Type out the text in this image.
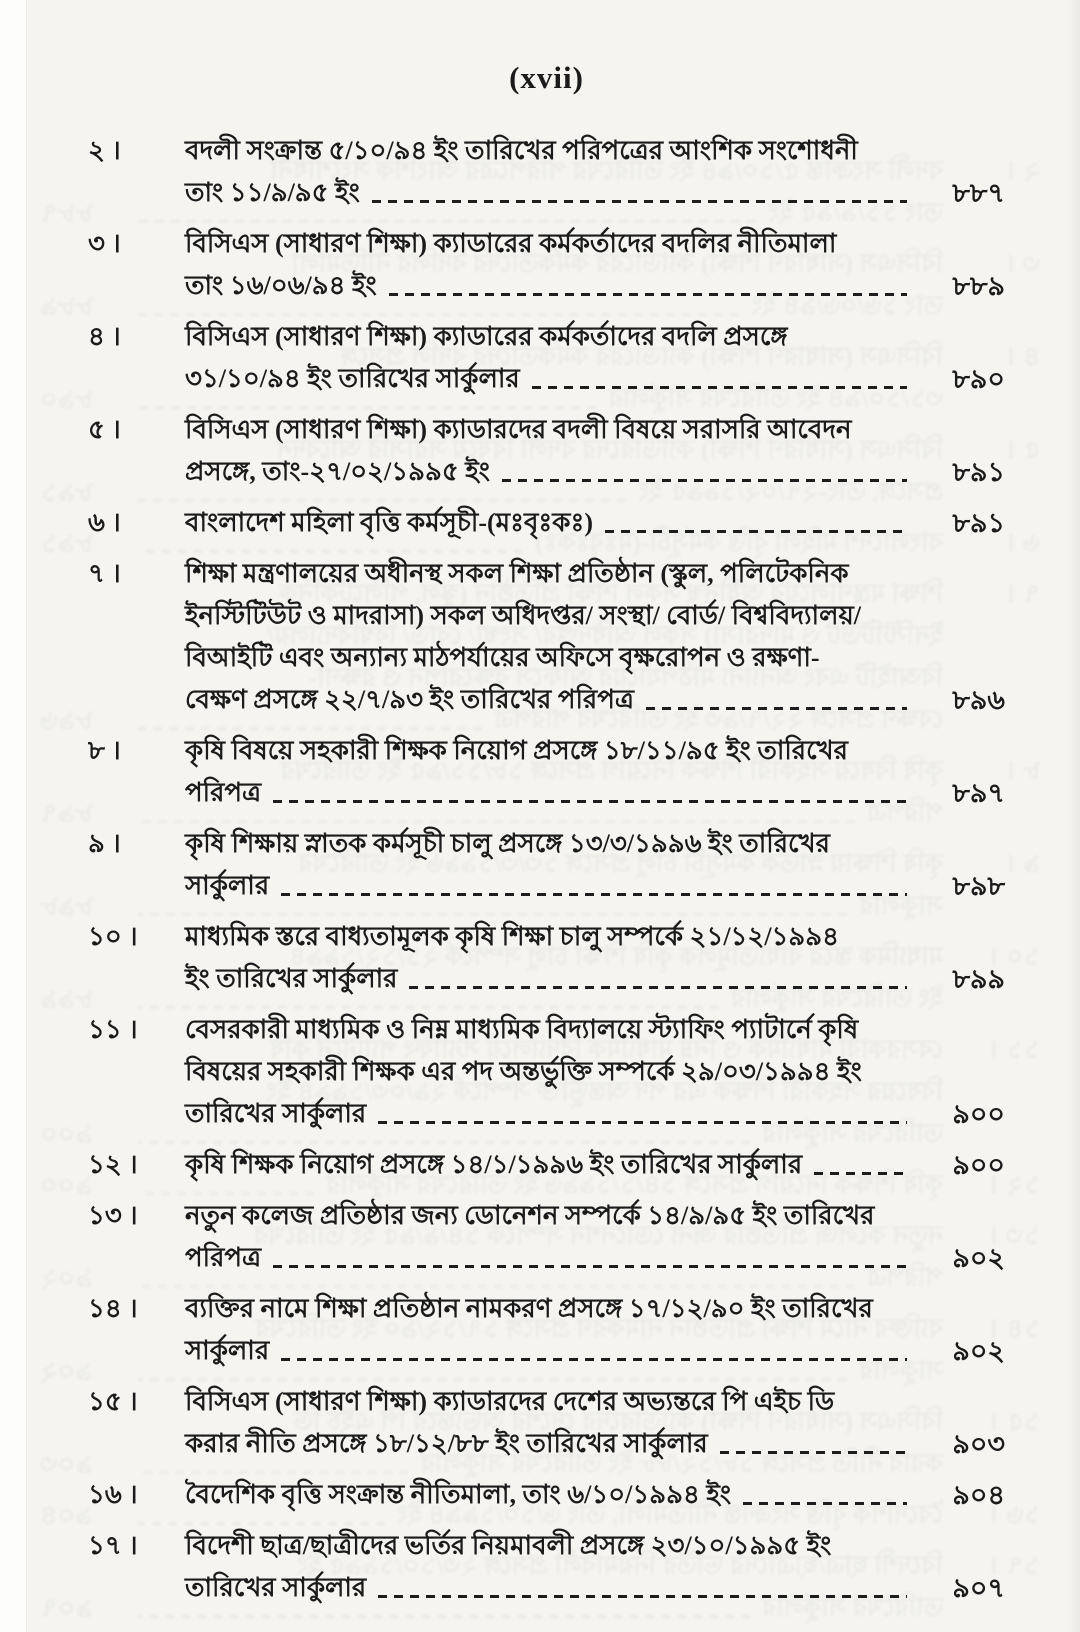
(xvii)
২ ।	বদলী সংক্রান্ত ৫/১০/৯৪ ইং তারিখের পরিপত্রের আংশিক সংশোধনী
তাং ১১/৯/৯৫ ইং	৮৮৭
৩ ।	বিসিএস (সাধারণ শিক্ষা) ক্যাডারের কর্মকর্তাদের বদলির নীতিমালা
তাং ১৬/০৬/৯৪ ইং	৮৮৯
৪ ।	বিসিএস (সাধারণ শিক্ষা) ক্যাডারের কর্মকর্তাদের বদলি প্রসঙ্গে
৩১/১০/৯৪ ইং তারিখের সার্কুলার	৮৯০
৫ ।	বিসিএস (সাধারণ শিক্ষা) ক্যাডারদের বদলী বিষয়ে সরাসরি আবেদন
প্রসঙ্গে, তাং-২৭/০২/১৯৯৫ ইং	৮৯১
৬ ।	বাংলাদেশ মহিলা বৃত্তি কর্মসূচী-(মঃবৃঃকঃ)	৮৯১
৭ ।	শিক্ষা মন্ত্রণালয়ের অধীনস্থ সকল শিক্ষা প্রতিষ্ঠান (স্কুল, পলিটেকনিক
ইনস্টিটিউট ও মাদরাসা) সকল অধিদপ্তর/ সংস্থা/ বোর্ড/ বিশ্ববিদ্যালয়/
বিআইটি এবং অন্যান্য মাঠপর্যায়ের অফিসে বৃক্ষরোপন ও রক্ষণা-
বেক্ষণ প্রসঙ্গে ২২/৭/৯৩ ইং তারিখের পরিপত্র	৮৯৬
৮ ।	কৃষি বিষয়ে সহকারী শিক্ষক নিয়োগ প্রসঙ্গে ১৮/১১/৯৫ ইং তারিখের
পরিপত্র	৮৯৭
৯ ।	কৃষি শিক্ষায় স্নাতক কর্মসূচী চালু প্রসঙ্গে ১৩/৩/১৯৯৬ ইং তারিখের
সার্কুলার	৮৯৮
১০ ।	মাধ্যমিক স্তরে বাধ্যতামূলক কৃষি শিক্ষা চালু সম্পর্কে ২১/১২/১৯৯৪
ইং তারিখের সার্কুলার	৮৯৯
১১ ।	বেসরকারী মাধ্যমিক ও নিম্ন মাধ্যমিক বিদ্যালয়ে স্ট্যাফিং প্যাটার্নে কৃষি
বিষয়ের সহকারী শিক্ষক এর পদ অন্তর্ভুক্তি সম্পর্কে ২৯/০৩/১৯৯৪ ইং
তারিখের সার্কুলার	৯০০
১২ ।	কৃষি শিক্ষক নিয়োগ প্রসঙ্গে ১৪/১/১৯৯৬ ইং তারিখের সার্কুলার	৯০০
১৩ ।	নতুন কলেজ প্রতিষ্ঠার জন্য ডোনেশন সম্পর্কে ১৪/৯/৯৫ ইং তারিখের
পরিপত্র	৯০২
১৪ ।	ব্যক্তির নামে শিক্ষা প্রতিষ্ঠান নামকরণ প্রসঙ্গে ১৭/১২/৯০ ইং তারিখের
সার্কুলার	৯০২
১৫ ।	বিসিএস (সাধারণ শিক্ষা) ক্যাডারদের দেশের অভ্যন্তরে পি এইচ ডি
করার নীতি প্রসঙ্গে ১৮/১২/৮৮ ইং তারিখের সার্কুলার	৯০৩
১৬ ।	বৈদেশিক বৃত্তি সংক্রান্ত নীতিমালা, তাং ৬/১০/১৯৯৪ ইং	৯০৪
১৭ ।	বিদেশী ছাত্র/ছাত্রীদের ভর্তির নিয়মাবলী প্রসঙ্গে ২৩/১০/১৯৯৫ ইং
তারিখের সার্কুলার	৯০৭
২ ।
বদলী সংক্রান্ত ৫/১০/৯৪ ইং তারিখের পরিপত্রের আংশিক সংশোধনী
তাং ১১/৯/৯৫ ইং
৮৮৭
৩ ।
বিসিএস (সাধারণ শিক্ষা) ক্যাডারের কর্মকর্তাদের বদলির নীতিমালা
তাং ১৬/০৬/৯৪ ইং
৮৮৯
৪ ।
বিসিএস (সাধারণ শিক্ষা) ক্যাডারের কর্মকর্তাদের বদলি প্রসঙ্গে
৩১/১০/৯৪ ইং তারিখের সার্কুলার
৮৯০
৫ ।
বিসিএস (সাধারণ শিক্ষা) ক্যাডারদের বদলী বিষয়ে সরাসরি আবেদন
প্রসঙ্গে, তাং-২৭/০২/১৯৯৫ ইং
৮৯১
৬ ।
বাংলাদেশ মহিলা বৃত্তি কর্মসূচী-(মঃবৃঃকঃ)
৮৯১
৭ ।
শিক্ষা মন্ত্রণালয়ের অধীনস্থ সকল শিক্ষা প্রতিষ্ঠান (স্কুল, পলিটেকনিক
ইনস্টিটিউট ও মাদরাসা) সকল অধিদপ্তর/ সংস্থা/ বোর্ড/ বিশ্ববিদ্যালয়/
বিআইটি এবং অন্যান্য মাঠপর্যায়ের অফিসে বৃক্ষরোপন ও রক্ষণা-
বেক্ষণ প্রসঙ্গে ২২/৭/৯৩ ইং তারিখের পরিপত্র
৮৯৬
৮ ।
কৃষি বিষয়ে সহকারী শিক্ষক নিয়োগ প্রসঙ্গে ১৮/১১/৯৫ ইং তারিখের
পরিপত্র
৮৯৭
৯ ।
কৃষি শিক্ষায় স্নাতক কর্মসূচী চালু প্রসঙ্গে ১৩/৩/১৯৯৬ ইং তারিখের
সার্কুলার
৮৯৮
১০ ।
মাধ্যমিক স্তরে বাধ্যতামূলক কৃষি শিক্ষা চালু সম্পর্কে ২১/১২/১৯৯৪
ইং তারিখের সার্কুলার
৮৯৯
১১ ।
বেসরকারী মাধ্যমিক ও নিম্ন মাধ্যমিক বিদ্যালয়ে স্ট্যাফিং প্যাটার্নে কৃষি
বিষয়ের সহকারী শিক্ষক এর পদ অন্তর্ভুক্তি সম্পর্কে ২৯/০৩/১৯৯৪ ইং
তারিখের সার্কুলার
৯০০
১২ ।
কৃষি শিক্ষক নিয়োগ প্রসঙ্গে ১৪/১/১৯৯৬ ইং তারিখের সার্কুলার
৯০০
১৩ ।
নতুন কলেজ প্রতিষ্ঠার জন্য ডোনেশন সম্পর্কে ১৪/৯/৯৫ ইং তারিখের
পরিপত্র
৯০২
১৪ ।
ব্যক্তির নামে শিক্ষা প্রতিষ্ঠান নামকরণ প্রসঙ্গে ১৭/১২/৯০ ইং তারিখের
সার্কুলার
৯০২
১৫ ।
বিসিএস (সাধারণ শিক্ষা) ক্যাডারদের দেশের অভ্যন্তরে পি এইচ ডি
করার নীতি প্রসঙ্গে ১৮/১২/৮৮ ইং তারিখের সার্কুলার
৯০৩
১৬ ।
বৈদেশিক বৃত্তি সংক্রান্ত নীতিমালা, তাং ৬/১০/১৯৯৪ ইং
৯০৪
১৭ ।
বিদেশী ছাত্র/ছাত্রীদের ভর্তির নিয়মাবলী প্রসঙ্গে ২৩/১০/১৯৯৫ ইং
তারিখের সার্কুলার
৯০৭
